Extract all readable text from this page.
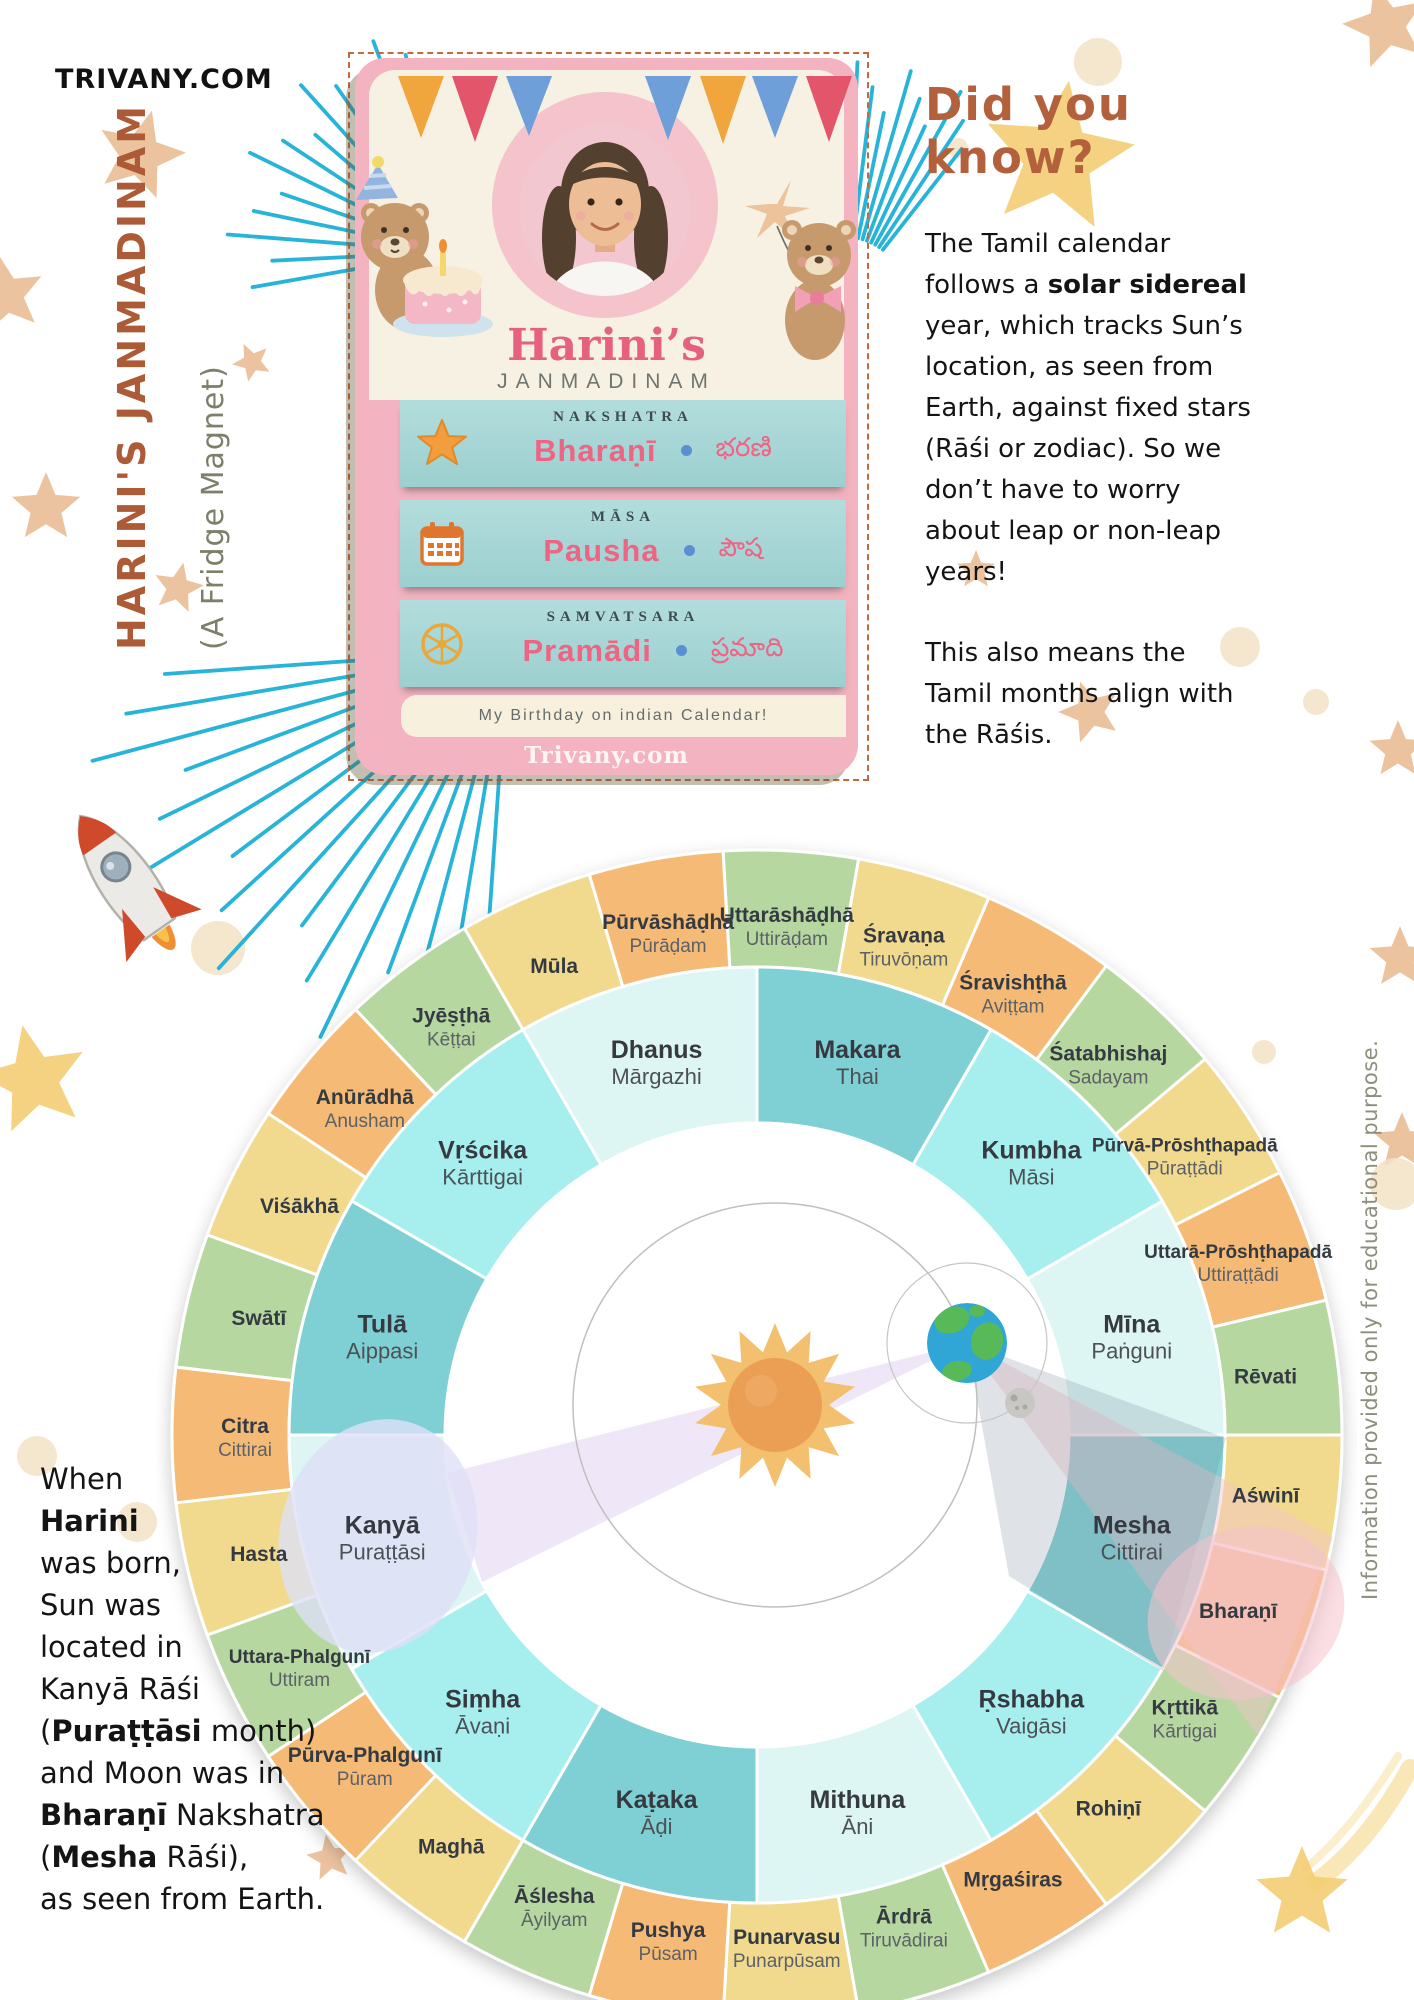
TRIVANY.COM
HARINI'S JANMADINAM (A Fridge Magnet)
Harini’s
JANMADINAM
NAKSHATRA
Bharaṇī భరణి
MĀSA
Pausha పౌష
SAMVATSARA
Pramādi ప్రమాది
My Birthday on indian Calendar!
Trivany.com
Did you know?
The Tamil calendar follows a solar sidereal year, which tracks Sun’s location, as seen from Earth, against fixed stars (Rāśi or zodiac). So we don’t have to worry about leap or non-leap years!
This also means the Tamil months align with the Rāśis.
When
Harini
was born,
Sun was
located in
Kanyā Rāśi
(Puraṭṭāsi month)
and Moon was in
Bharaṇī Nakshatra
(Mesha Rāśi),
as seen from Earth.
Information provided only for educational purpose.
Rēvati
Uttarā-Prōshṭhapadā Uttiraṭṭādi
Pūrvā-Prōshṭhapadā Pūraṭṭādi
Śatabhishaj Sadayam
Śravishṭhā Aviṭṭam
Śravaṇa Tiruvōṇam
Uttarāshāḍhā Uttirāḍam
Pūrvāshāḍhā Pūrāḍam
Mūla
Jyēṣṭhā Kēṭṭai
Anūrādhā Anusham
Viśākhā
Swātī
Citra Cittirai
Hasta
Uttara-Phalgunī Uttiram
Pūrva-Phalgunī Pūram
Maghā
Āślesha Āyilyam	Pushya Pūsam
Punarvasu Punarpūsam
Ārdrā Tiruvādirai
Mṛgaśiras
Rohiṇī
Kṛttikā Kārtigai
Bharaṇī
Aświnī
Mīna Paṅguni
Kumbha Māsi
Makara Thai
Dhanus Mārgazhi
Vṛścika Kārttigai
Tulā Aippasi
Kanyā Puraṭṭāsi
Siṃha Āvaṇi
Kaṭaka Āḍi
Mithuna Āni
Ṛshabha Vaigāsi
Mesha Cittirai
